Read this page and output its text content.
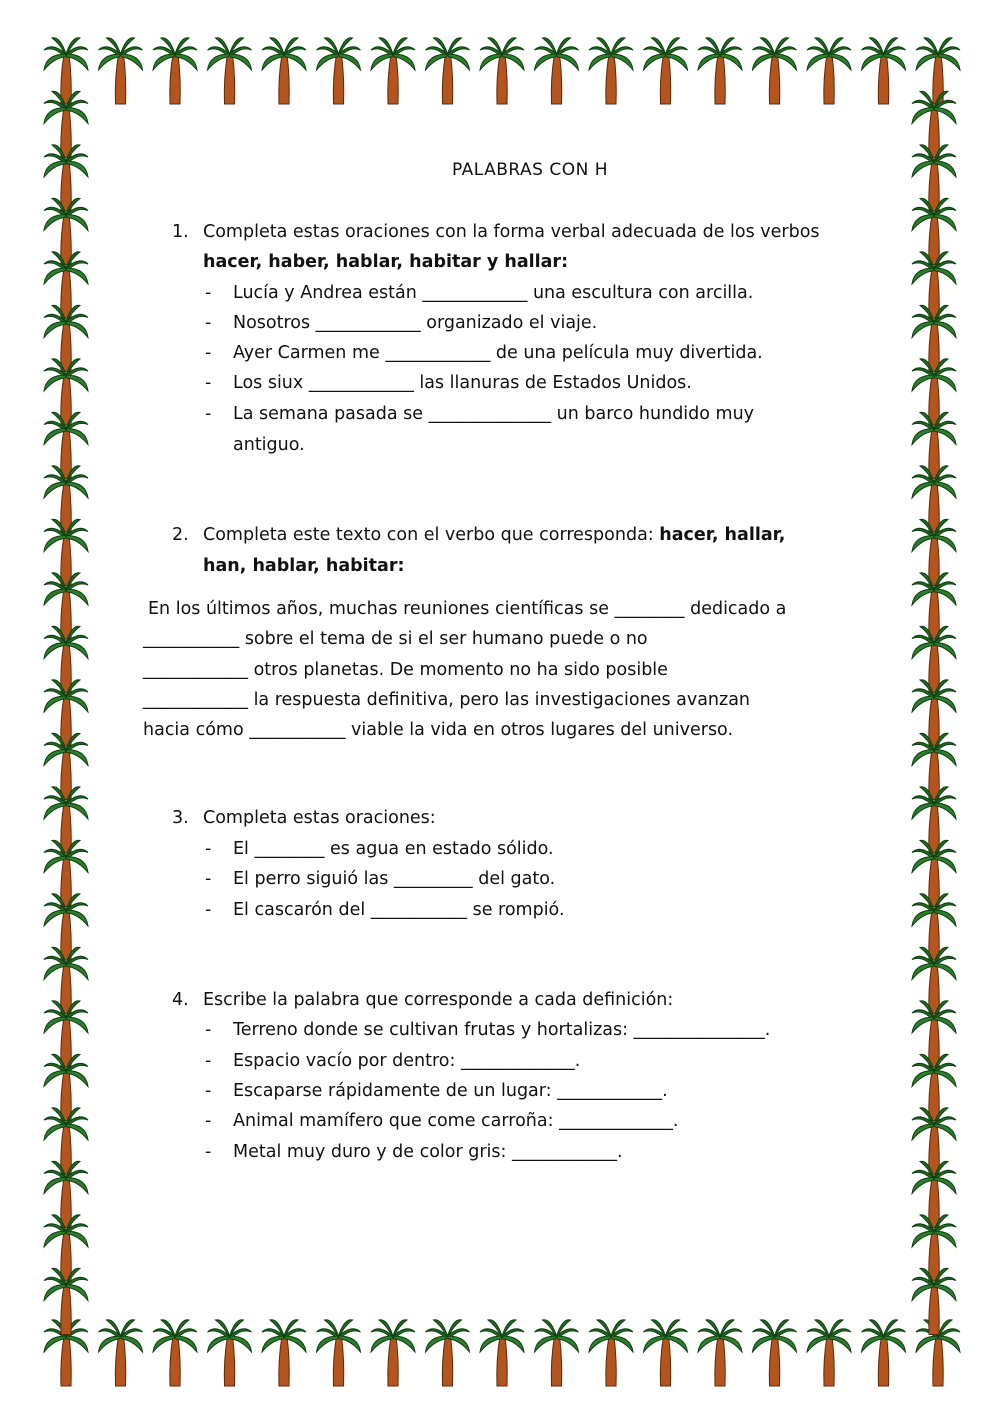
PALABRAS CON H
1. Completa estas oraciones con la forma verbal adecuada de los verbos
hacer, haber, hablar, habitar y hallar:
- Lucía y Andrea están ____________ una escultura con arcilla.
- Nosotros ____________ organizado el viaje.
- Ayer Carmen me ____________ de una película muy divertida.
- Los siux ____________ las llanuras de Estados Unidos.
- La semana pasada se ______________ un barco hundido muy
antiguo.
2. Completa este texto con el verbo que corresponda: hacer, hallar,
han, hablar, habitar:
En los últimos años, muchas reuniones científicas se ________ dedicado a
___________ sobre el tema de si el ser humano puede o no
____________ otros planetas. De momento no ha sido posible
____________ la respuesta definitiva, pero las investigaciones avanzan
hacia cómo ___________ viable la vida en otros lugares del universo.
3. Completa estas oraciones:
- El ________ es agua en estado sólido.
- El perro siguió las _________ del gato.
- El cascarón del ___________ se rompió.
4. Escribe la palabra que corresponde a cada definición:
- Terreno donde se cultivan frutas y hortalizas: _______________.
- Espacio vacío por dentro: _____________.
- Escaparse rápidamente de un lugar: ____________.
- Animal mamífero que come carroña: _____________.
- Metal muy duro y de color gris: ____________.
